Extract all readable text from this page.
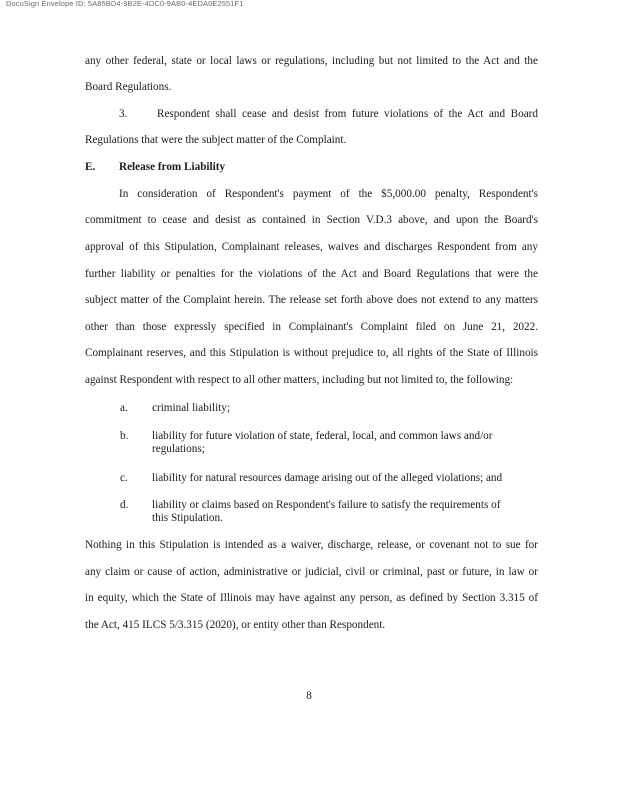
DocuSign Envelope ID: 5A85BD4-9B2E-4DC0-9AB0-4EDA0E2551F1
any other federal, state or local laws or regulations, including but not limited to the Act and the
Board Regulations.
3.	Respondent shall cease and desist from future violations of the Act and Board
Regulations that were the subject matter of the Complaint.
E. Release from Liability
In consideration of Respondent's payment of the $5,000.00 penalty, Respondent's
commitment to cease and desist as contained in Section V.D.3 above, and upon the Board's
approval of this Stipulation, Complainant releases, waives and discharges Respondent from any
further liability or penalties for the violations of the Act and Board Regulations that were the
subject matter of the Complaint herein. The release set forth above does not extend to any matters
other than those expressly specified in Complainant's Complaint filed on June 21, 2022.
Complainant reserves, and this Stipulation is without prejudice to, all rights of the State of Illinois
against Respondent with respect to all other matters, including but not limited to, the following:
a. criminal liability;
b. liability for future violation of state, federal, local, and common laws and/or
regulations;
c. liability for natural resources damage arising out of the alleged violations; and
d. liability or claims based on Respondent's failure to satisfy the requirements of
this Stipulation.
Nothing in this Stipulation is intended as a waiver, discharge, release, or covenant not to sue for
any claim or cause of action, administrative or judicial, civil or criminal, past or future, in law or
in equity, which the State of Illinois may have against any person, as defined by Section 3.315 of
the Act, 415 ILCS 5/3.315 (2020), or entity other than Respondent.
8
